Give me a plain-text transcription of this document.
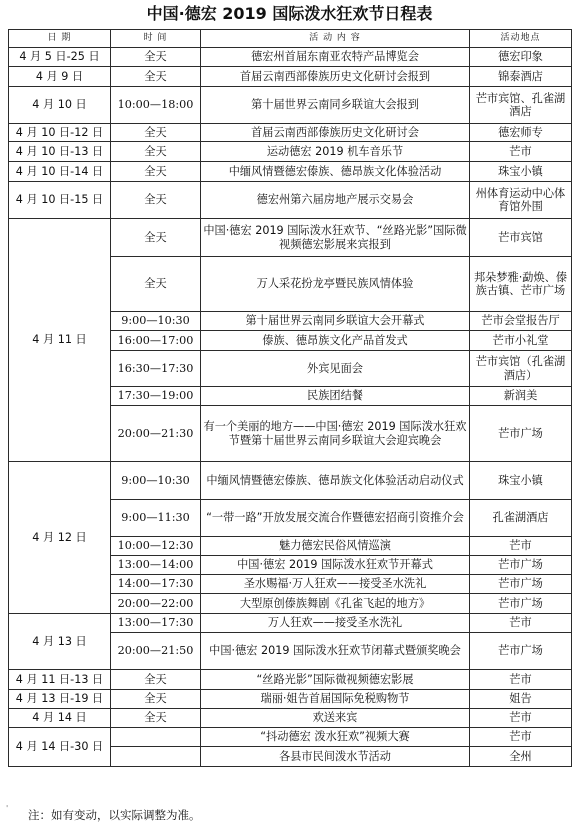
中国·德宏 2019 国际泼水狂欢节日程表
日 期	时 间	活 动 内 容	活动地点
4 月 5 日-25 日	全天	德宏州首届东南亚农特产品博览会	德宏印象
4 月 9 日	全天	首届云南西部傣族历史文化研讨会报到	锦泰酒店
4 月 10 日	10:00—18:00	第十届世界云南同乡联谊大会报到	芒市宾馆、孔雀湖酒店
4 月 10 日-12 日	全天	首届云南西部傣族历史文化研讨会	德宏师专
4 月 10 日-13 日	全天	运动德宏 2019 机车音乐节	芒市
4 月 10 日-14 日	全天	中缅风情暨德宏傣族、德昂族文化体验活动	珠宝小镇
4 月 10 日-15 日	全天	德宏州第六届房地产展示交易会	州体育运动中心体育馆外围
4 月 11 日	全天	中国·德宏 2019 国际泼水狂欢节、“丝路光影”国际微视频德宏影展来宾报到	芒市宾馆
	全天	万人采花扮龙亭暨民族风情体验	邦朵梦雅·勐焕、傣族古镇、芒市广场
	9:00—10:30	第十届世界云南同乡联谊大会开幕式	芒市会堂报告厅
	16:00—17:00	傣族、德昂族文化产品首发式	芒市小礼堂
	16:30—17:30	外宾见面会	芒市宾馆（孔雀湖酒店）
	17:30—19:00	民族团结餐	新润美
	20:00—21:30	有一个美丽的地方——中国·德宏 2019 国际泼水狂欢节暨第十届世界云南同乡联谊大会迎宾晚会	芒市广场
4 月 12 日	9:00—10:30	中缅风情暨德宏傣族、德昂族文化体验活动启动仪式	珠宝小镇
	9:00—11:30	“一带一路”开放发展交流合作暨德宏招商引资推介会	孔雀湖酒店
	10:00—12:30	魅力德宏民俗风情巡演	芒市
	13:00—14:00	中国·德宏 2019 国际泼水狂欢节开幕式	芒市广场
	14:00—17:30	圣水赐福·万人狂欢——接受圣水洗礼	芒市广场
	20:00—22:00	大型原创傣族舞剧《孔雀飞起的地方》	芒市广场
4 月 13 日	13:00—17:30	万人狂欢——接受圣水洗礼	芒市
	20:00—21:50	中国·德宏 2019 国际泼水狂欢节闭幕式暨颁奖晚会	芒市广场
4 月 11 日-13 日	全天	“丝路光影”国际微视频德宏影展	芒市
4 月 13 日-19 日	全天	瑞丽·姐告首届国际免税购物节	姐告
4 月 14 日	全天	欢送来宾	芒市
4 月 14 日-30 日		“抖动德宏 泼水狂欢”视频大赛	芒市
		各县市民间泼水节活动	全州
' 注：如有变动，以实际调整为准。
